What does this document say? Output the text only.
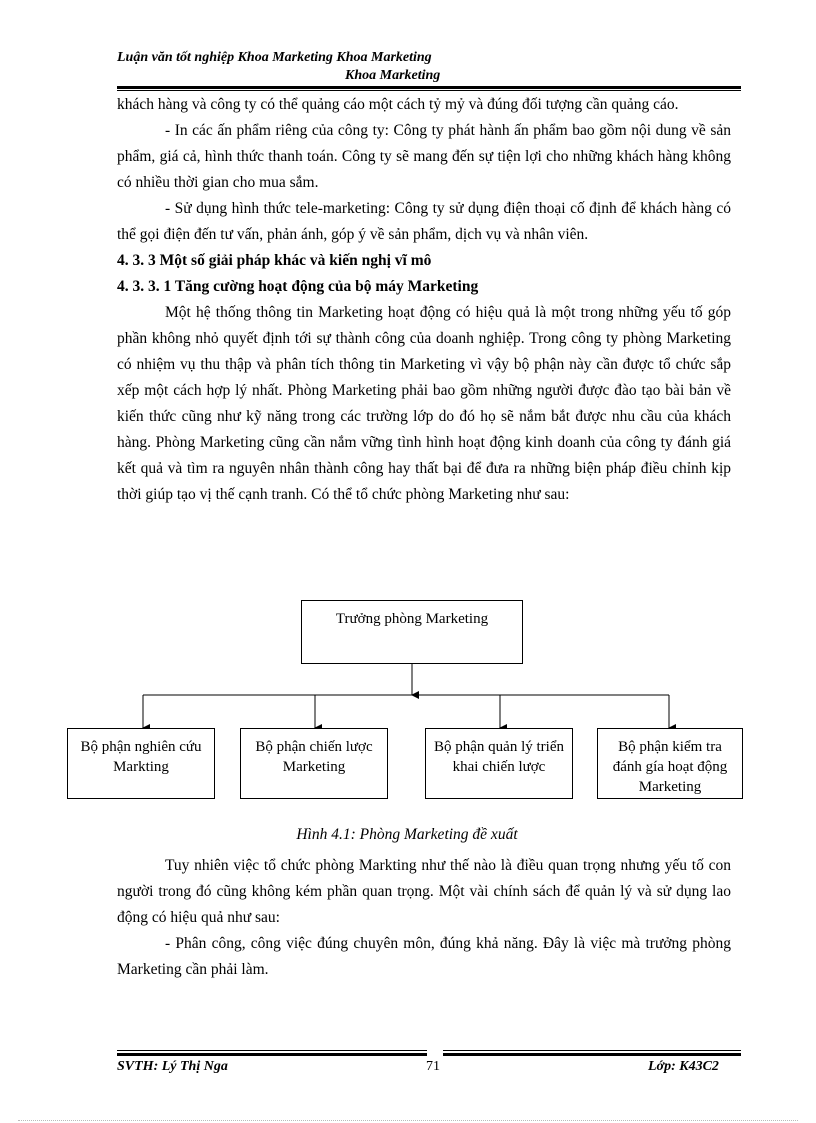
Luận văn tốt nghiệp Khoa Marketing Khoa Marketing
Khoa Marketing

khách hàng và công ty có thể quảng cáo một cách tỷ mỷ và đúng đối tượng cần quảng cáo.

- In các ấn phẩm riêng của công ty: Công ty phát hành ấn phẩm bao gồm nội dung về sản phẩm, giá cả, hình thức thanh toán. Công ty sẽ mang đến sự tiện lợi cho những khách hàng không có nhiều thời gian cho mua sắm.

- Sử dụng hình thức tele-marketing: Công ty sử dụng điện thoại cố định để khách hàng có thể gọi điện đến tư vấn, phản ánh, góp ý về sản phẩm, dịch vụ và nhân viên.

4. 3. 3 Một số giải pháp khác và kiến nghị vĩ mô

4. 3. 3. 1 Tăng cường hoạt động của bộ máy Marketing

Một hệ thống thông tin Marketing hoạt động có hiệu quả là một trong những yếu tố góp phần không nhỏ quyết định tới sự thành công của doanh nghiệp. Trong công ty phòng Marketing có nhiệm vụ thu thập và phân tích thông tin Marketing vì vậy bộ phận này cần được tổ chức sắp xếp một cách hợp lý nhất. Phòng Marketing phải bao gồm những người được đào tạo bài bản về kiến thức cũng như kỹ năng trong các trường lớp do đó họ sẽ nắm bắt được nhu cầu của khách hàng. Phòng Marketing cũng cần nắm vững tình hình hoạt động kinh doanh của công ty đánh giá kết quả và tìm ra nguyên nhân thành công hay thất bại để đưa ra những biện pháp điều chỉnh kịp thời giúp tạo vị thế cạnh tranh. Có thể tổ chức phòng Marketing như sau:

Trưởng phòng Marketing
Bộ phận nghiên cứu Markting
Bộ phận chiến lược Marketing
Bộ phận quản lý triển khai chiến lược
Bộ phận kiểm tra đánh gía hoạt động Marketing
Hình 4.1: Phòng Marketing đề xuất

Tuy nhiên việc tổ chức phòng Markting như thế nào là điều quan trọng nhưng yếu tố con người trong đó cũng không kém phần quan trọng. Một vài chính sách để quản lý và sử dụng lao động có hiệu quả như sau:

- Phân công, công việc đúng chuyên môn, đúng khả năng. Đây là việc mà trưởng phòng Marketing cần phải làm.

SVTH: Lý Thị Nga	71	Lớp: K43C2
